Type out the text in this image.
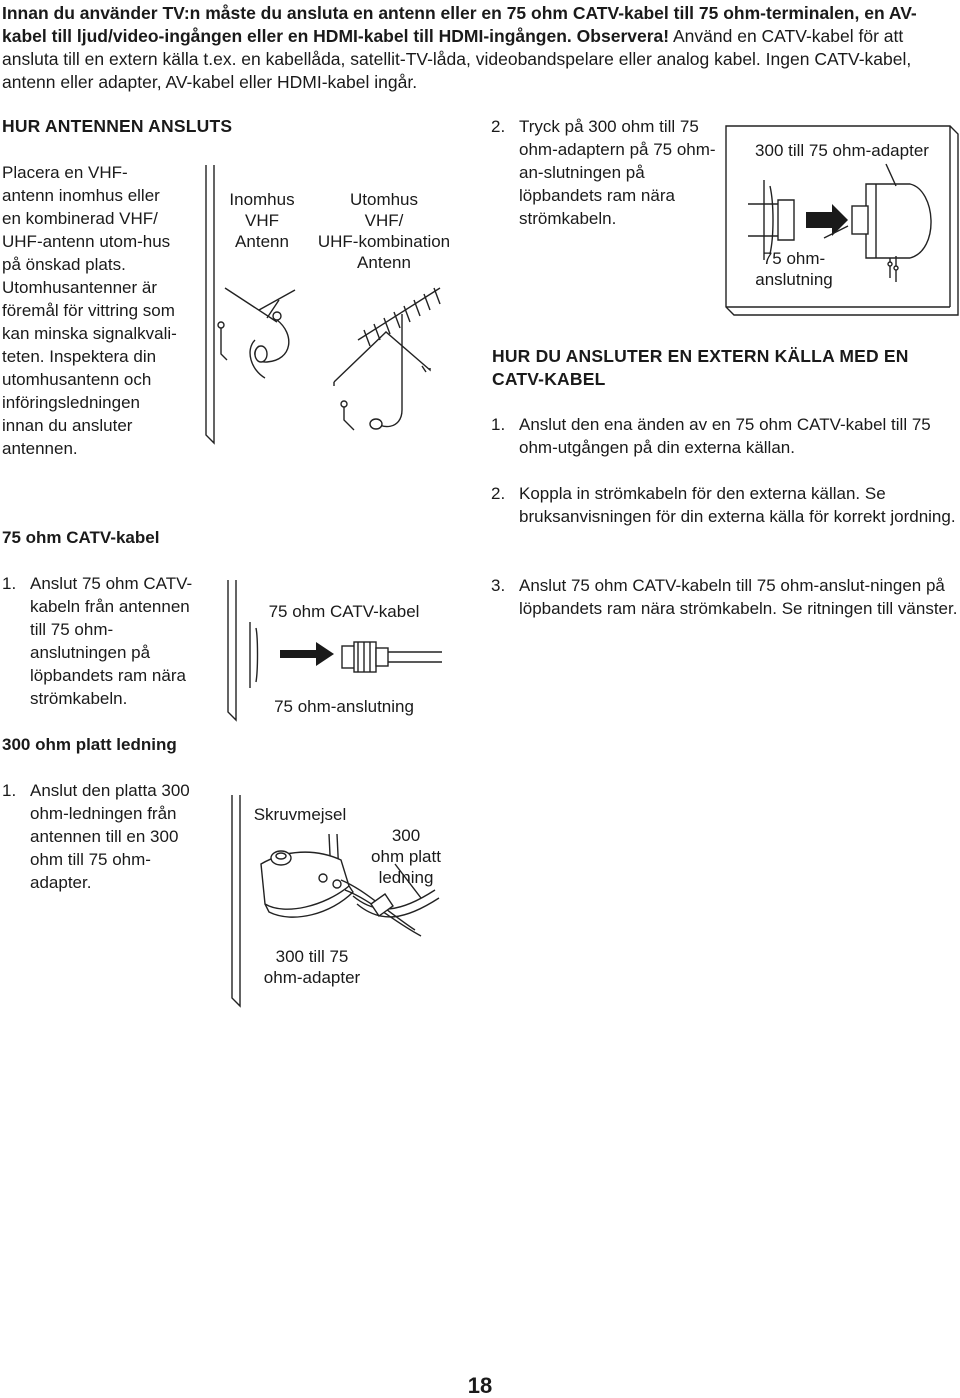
Innan du använder TV:n måste du ansluta en antenn eller en 75 ohm CATV-kabel till 75 ohm-terminalen, en AV-kabel till ljud/video-ingången eller en HDMI-kabel till HDMI-ingången. Observera! Använd en CATV-kabel för att ansluta till en extern källa t.ex. en kabellåda, satellit-TV-låda, videobandspelare eller analog kabel. Ingen CATV-kabel, antenn eller adapter, AV-kabel eller HDMI-kabel ingår.
HUR ANTENNEN ANSLUTS
Placera en VHF-antenn inomhus eller en kombinerad VHF/ UHF-antenn utom-hus på önskad plats. Utomhusantenner är föremål för vittring som kan minska signalkvali-teten. Inspektera din utomhusantenn och införingsledningen innan du ansluter antennen.
75 ohm CATV-kabel
1. Anslut 75 ohm CATV-kabeln från antennen till 75 ohm-anslutningen på löpbandets ram nära strömkabeln.
300 ohm platt ledning
1. Anslut den platta 300 ohm-ledningen från antennen till en 300 ohm till 75 ohm-adapter.
Inomhus
VHF
Antenn
Utomhus
VHF/
UHF-kombination
Antenn
75 ohm CATV-kabel
75 ohm-anslutning
Skruvmejsel
300
ohm platt
ledning
300 till 75
ohm-adapter
2. Tryck på 300 ohm till 75 ohm-adaptern på 75 ohm-an-slutningen på löpbandets ram nära strömkabeln.
300 till 75 ohm-adapter
75 ohm-
anslutning
HUR DU ANSLUTER EN EXTERN KÄLLA MED EN CATV-KABEL
1. Anslut den ena änden av en 75 ohm CATV-kabel till 75 ohm-utgången på din externa källan.
2. Koppla in strömkabeln för den externa källan. Se bruksanvisningen för din externa källa för korrekt jordning.
3. Anslut 75 ohm CATV-kabeln till 75 ohm-anslut-ningen på löpbandets ram nära strömkabeln. Se ritningen till vänster.
18
